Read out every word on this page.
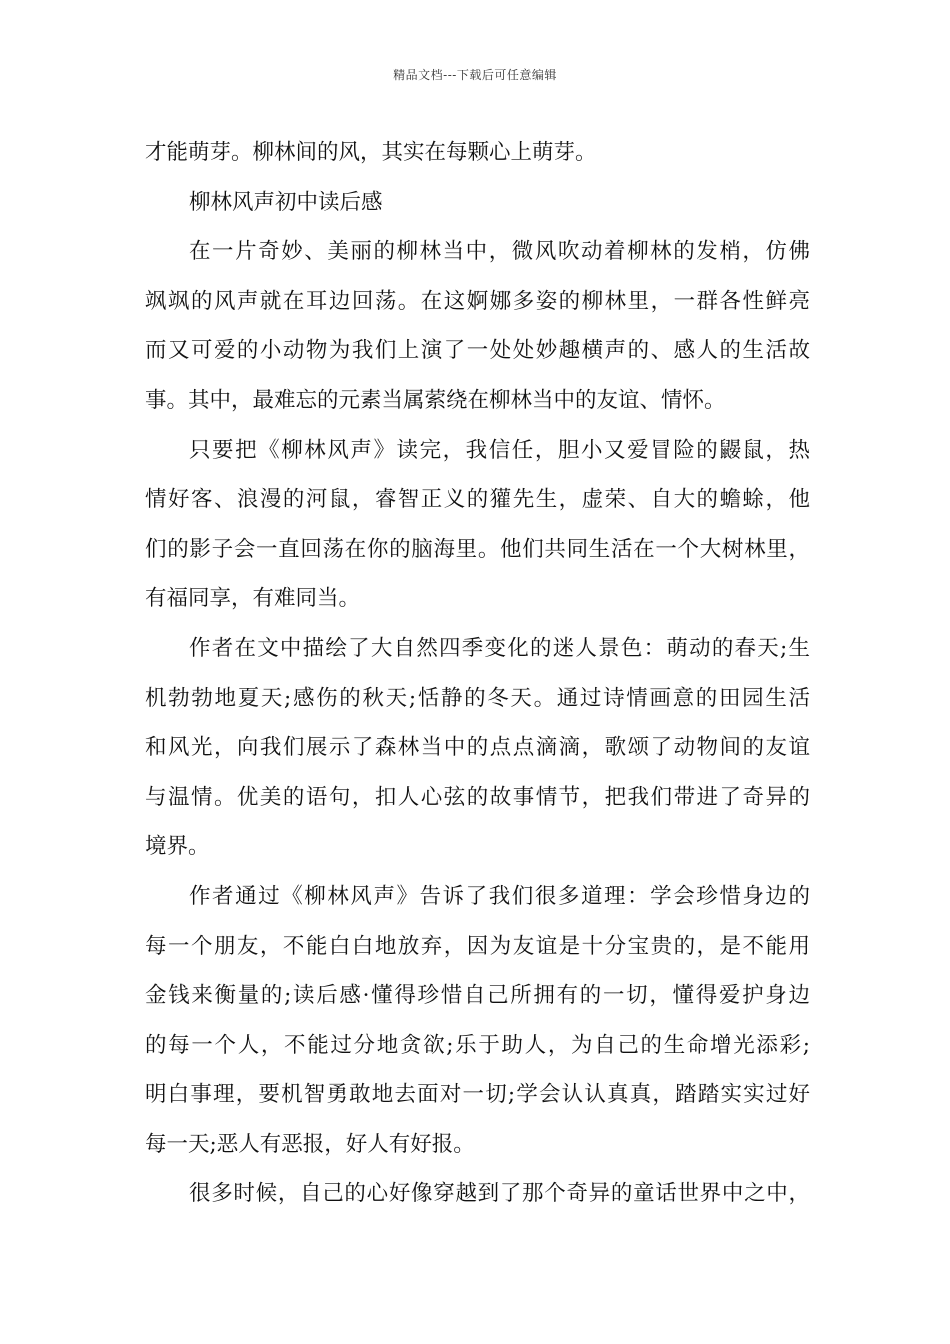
精品文档---下载后可任意编辑
才能萌芽。柳林间的风，其实在每颗心上萌芽。
柳林风声初中读后感
在一片奇妙、美丽的柳林当中，微风吹动着柳林的发梢，仿佛
飒飒的风声就在耳边回荡。在这婀娜多姿的柳林里，一群各性鲜亮
而又可爱的小动物为我们上演了一处处妙趣横声的、感人的生活故
事。其中，最难忘的元素当属萦绕在柳林当中的友谊、情怀。
只要把《柳林风声》读完，我信任，胆小又爱冒险的鼹鼠，热
情好客、浪漫的河鼠，睿智正义的獾先生，虚荣、自大的蟾蜍，他
们的影子会一直回荡在你的脑海里。他们共同生活在一个大树林里，
有福同享，有难同当。
作者在文中描绘了大自然四季变化的迷人景色：萌动的春天;生
机勃勃地夏天;感伤的秋天;恬静的冬天。通过诗情画意的田园生活
和风光，向我们展示了森林当中的点点滴滴，歌颂了动物间的友谊
与温情。优美的语句，扣人心弦的故事情节，把我们带进了奇异的
境界。
作者通过《柳林风声》告诉了我们很多道理：学会珍惜身边的
每一个朋友，不能白白地放弃，因为友谊是十分宝贵的，是不能用
金钱来衡量的;读后感·懂得珍惜自己所拥有的一切，懂得爱护身边
的每一个人，不能过分地贪欲;乐于助人，为自己的生命增光添彩;
明白事理，要机智勇敢地去面对一切;学会认认真真，踏踏实实过好
每一天;恶人有恶报，好人有好报。
很多时候，自己的心好像穿越到了那个奇异的童话世界中之中，
